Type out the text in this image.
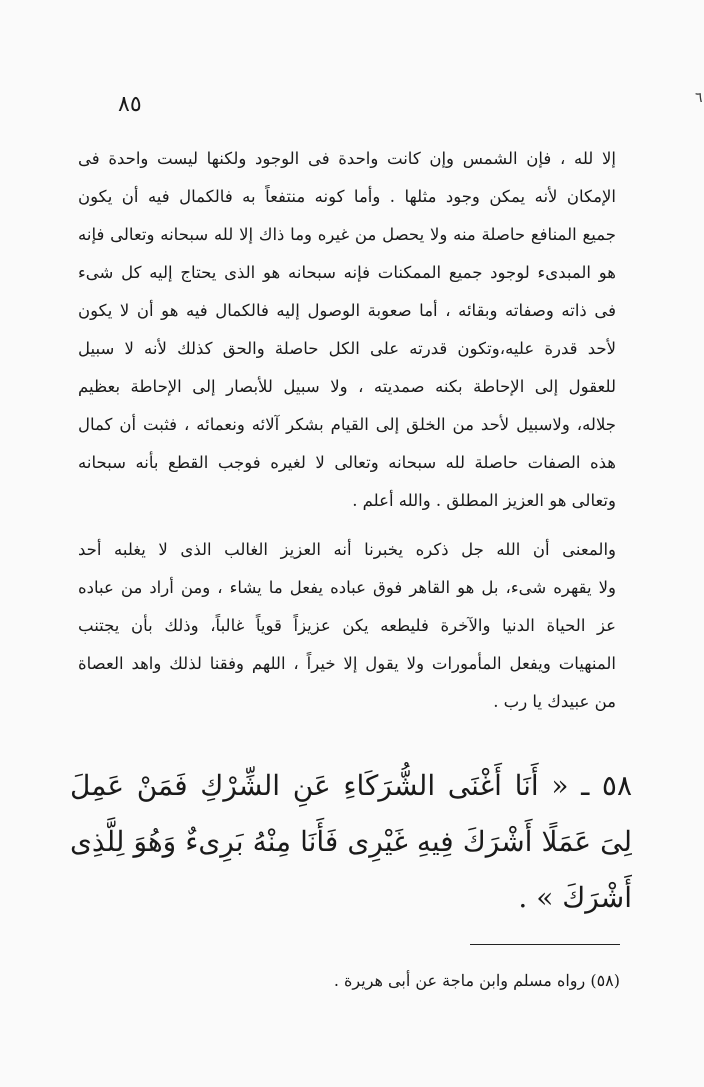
٨٥	٦
إلا لله ، فإن الشمس وإن كانت واحدة فى الوجود ولكنها ليست واحدة فى
الإمكان لأنه يمكن وجود مثلها . وأما كونه منتفعاً به فالكمال فيه أن يكون
جميع المنافع حاصلة منه ولا يحصل من غيره وما ذاك إلا لله سبحانه وتعالى فإنه
هو المبدىء لوجود جميع الممكنات فإنه سبحانه هو الذى يحتاج إليه كل شىء
فى ذاته وصفاته وبقائه ، أما صعوبة الوصول إليه فالكمال فيه هو أن لا يكون
لأحد قدرة عليه،وتكون قدرته على الكل حاصلة والحق كذلك لأنه لا سبيل
للعقول إلى الإحاطة بكنه صمديته ، ولا سبيل للأبصار إلى الإحاطة بعظيم
جلاله، ولاسبيل لأحد من الخلق إلى القيام بشكر آلائه ونعمائه ، فثبت أن كمال
هذه الصفات حاصلة لله سبحانه وتعالى لا لغيره فوجب القطع بأنه سبحانه
وتعالى هو العزيز المطلق . والله أعلم .
والمعنى أن الله جل ذكره يخبرنا أنه العزيز الغالب الذى لا يغلبه أحد
ولا يقهره شىء، بل هو القاهر فوق عباده يفعل ما يشاء ، ومن أراد من عباده
عز الحياة الدنيا والآخرة فليطعه يكن عزيزاً قوياً غالباً، وذلك بأن يجتنب
المنهيات ويفعل المأمورات ولا يقول إلا خيراً ، اللهم وفقنا لذلك واهد العصاة
من عبيدك يا رب .
٥٨ ـ « أَنَا أَغْنَى الشُّرَكَاءِ عَنِ الشِّرْكِ فَمَنْ عَمِلَ
لِىَ عَمَلًا أَشْرَكَ فِيهِ غَيْرِى فَأَنَا مِنْهُ بَرِىءٌ وَهُوَ لِلَّذِى
أَشْرَكَ » .
(٥٨) رواه مسلم وابن ماجة عن أبى هريرة .
